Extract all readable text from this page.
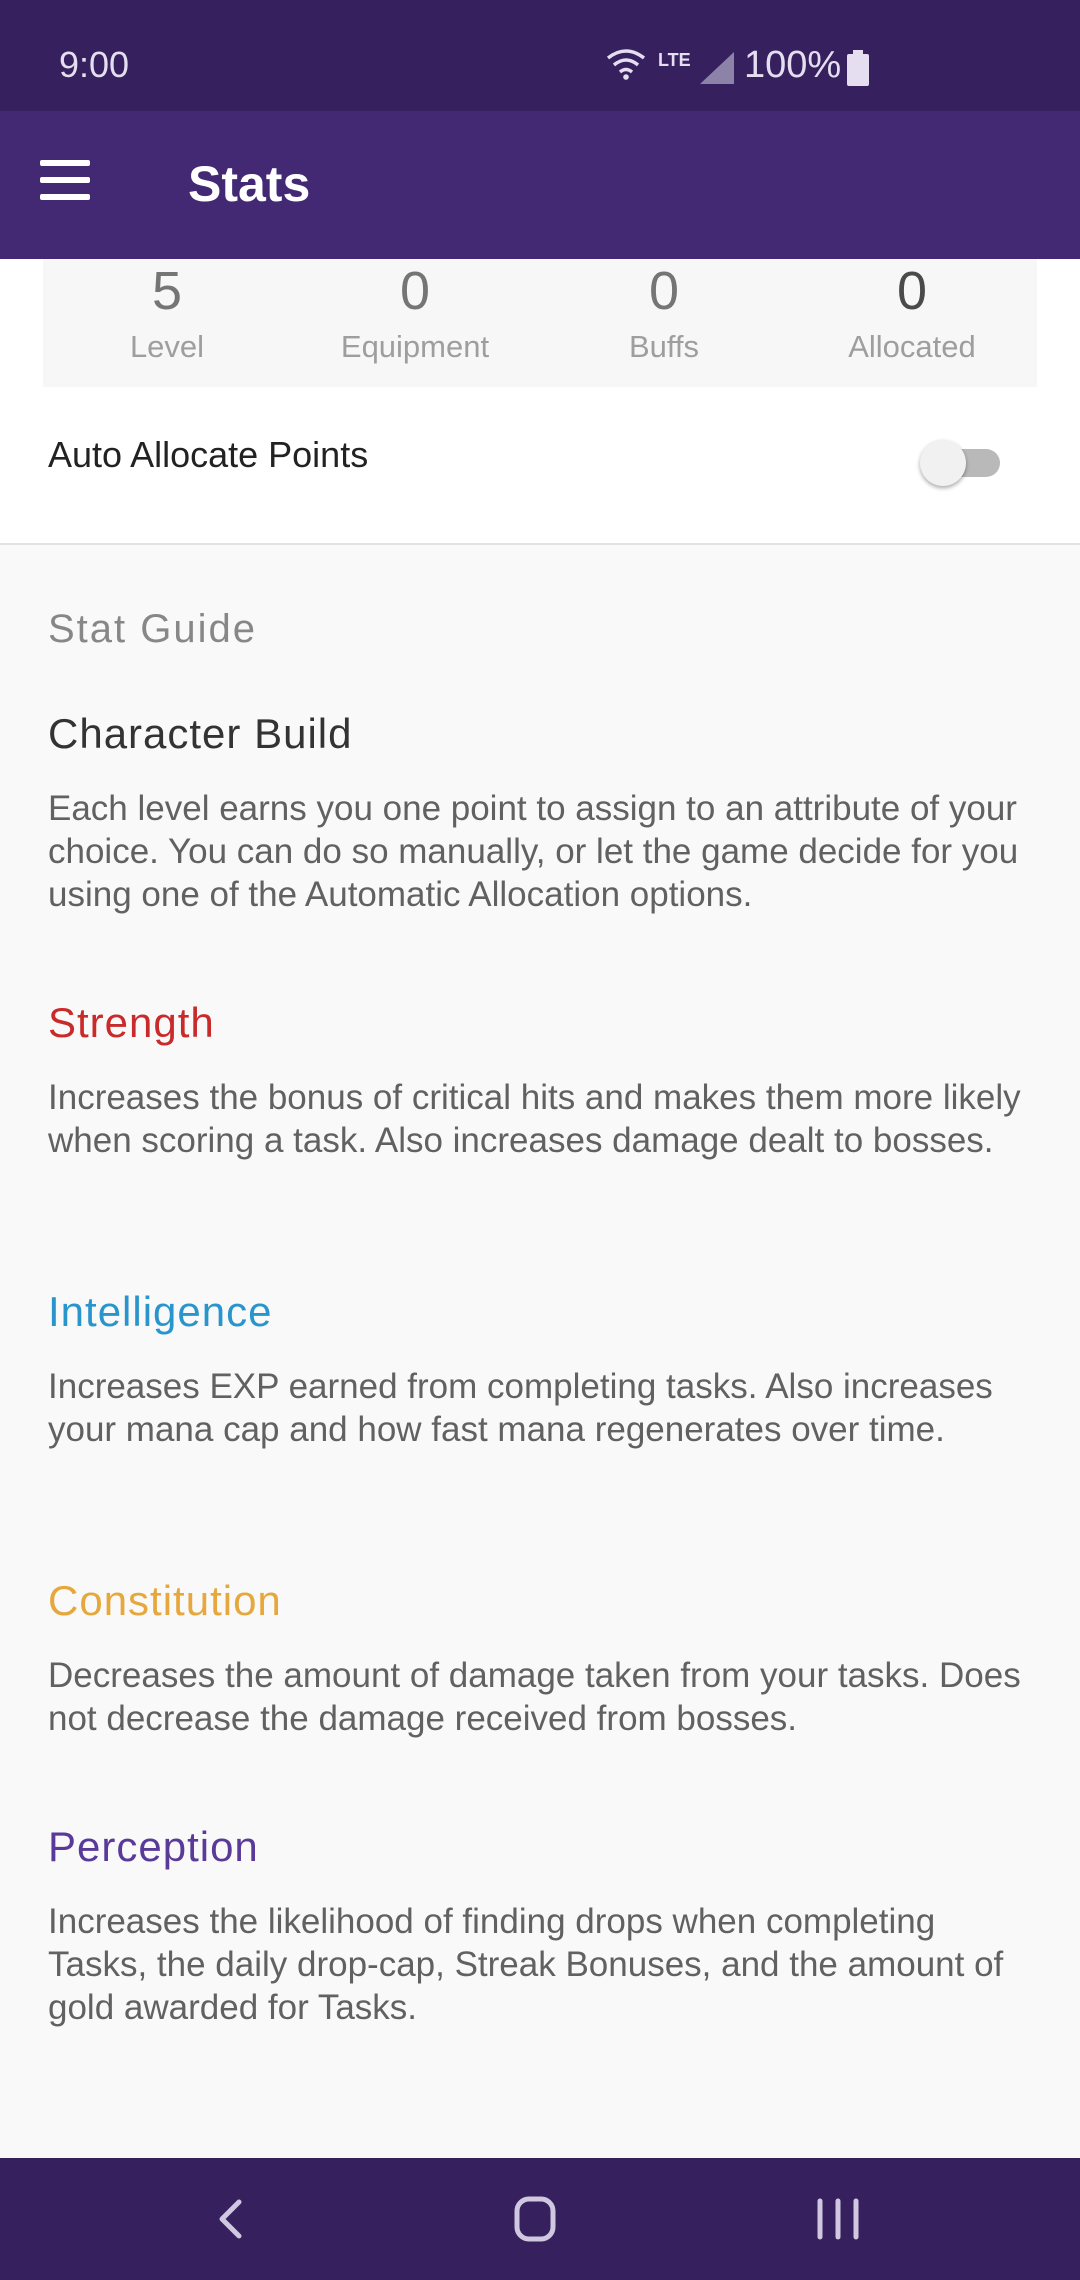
9:00	LTE 100%
Stats
5
Level
0
Equipment
0
Buffs
0
Allocated
Auto Allocate Points
Stat Guide
Character Build
Each level earns you one point to assign to an attribute of your choice. You can do so manually, or let the game decide for you using one of the Automatic Allocation options.
Strength
Increases the bonus of critical hits and makes them more likely when scoring a task. Also increases damage dealt to bosses.
Intelligence
Increases EXP earned from completing tasks. Also increases your mana cap and how fast mana regenerates over time.
Constitution
Decreases the amount of damage taken from your tasks. Does not decrease the damage received from bosses.
Perception
Increases the likelihood of finding drops when completing Tasks, the daily drop-cap, Streak Bonuses, and the amount of gold awarded for Tasks.
